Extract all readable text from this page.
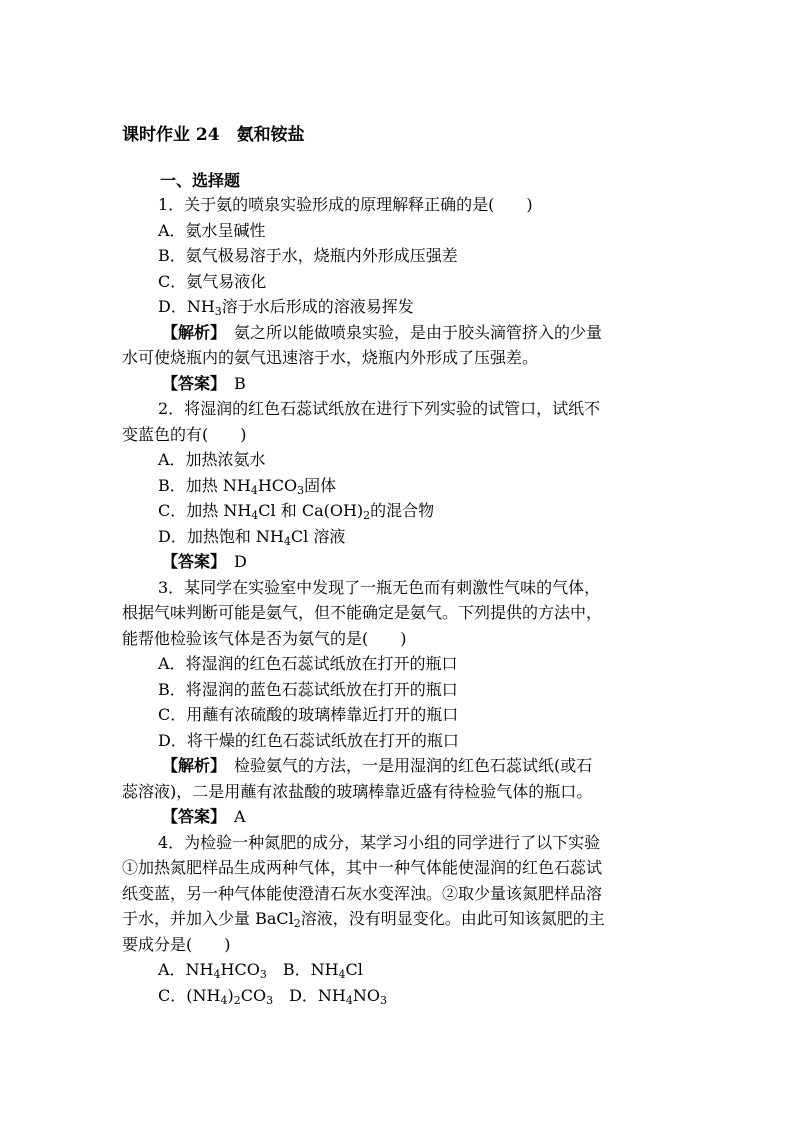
课时作业 24　氨和铵盐
一、选择题
1．关于氨的喷泉实验形成的原理解释正确的是(　　)
A．氨水呈碱性
B．氨气极易溶于水，烧瓶内外形成压强差
C．氨气易液化
D．$NH_3$溶于水后形成的溶液易挥发
【解析】　氨之所以能做喷泉实验，是由于胶头滴管挤入的少量
水可使烧瓶内的氨气迅速溶于水，烧瓶内外形成了压强差。
【答案】　B
2．将湿润的红色石蕊试纸放在进行下列实验的试管口，试纸不
变蓝色的有(　　)
A．加热浓氨水
B．加热 $NH_4HCO_3$固体
C．加热 $NH_4Cl$ 和 $Ca(OH)_2$的混合物
D．加热饱和 $NH_4Cl$ 溶液
【答案】　D
3．某同学在实验室中发现了一瓶无色而有刺激性气味的气体，
根据气味判断可能是氨气，但不能确定是氨气。下列提供的方法中，
能帮他检验该气体是否为氨气的是(　　)
A．将湿润的红色石蕊试纸放在打开的瓶口
B．将湿润的蓝色石蕊试纸放在打开的瓶口
C．用蘸有浓硫酸的玻璃棒靠近打开的瓶口
D．将干燥的红色石蕊试纸放在打开的瓶口
【解析】　检验氨气的方法，一是用湿润的红色石蕊试纸(或石
蕊溶液)，二是用蘸有浓盐酸的玻璃棒靠近盛有待检验气体的瓶口。
【答案】　A
4．为检验一种氮肥的成分，某学习小组的同学进行了以下实验
①加热氮肥样品生成两种气体，其中一种气体能使湿润的红色石蕊试
纸变蓝，另一种气体能使澄清石灰水变浑浊。②取少量该氮肥样品溶
于水，并加入少量 BaCl$_2$溶液，没有明显变化。由此可知该氮肥的主
要成分是(　　)
A．$NH_4HCO_3$　B．$NH_4Cl$
C．$(NH_4)_2CO_3$　D．$NH_4NO_3$
